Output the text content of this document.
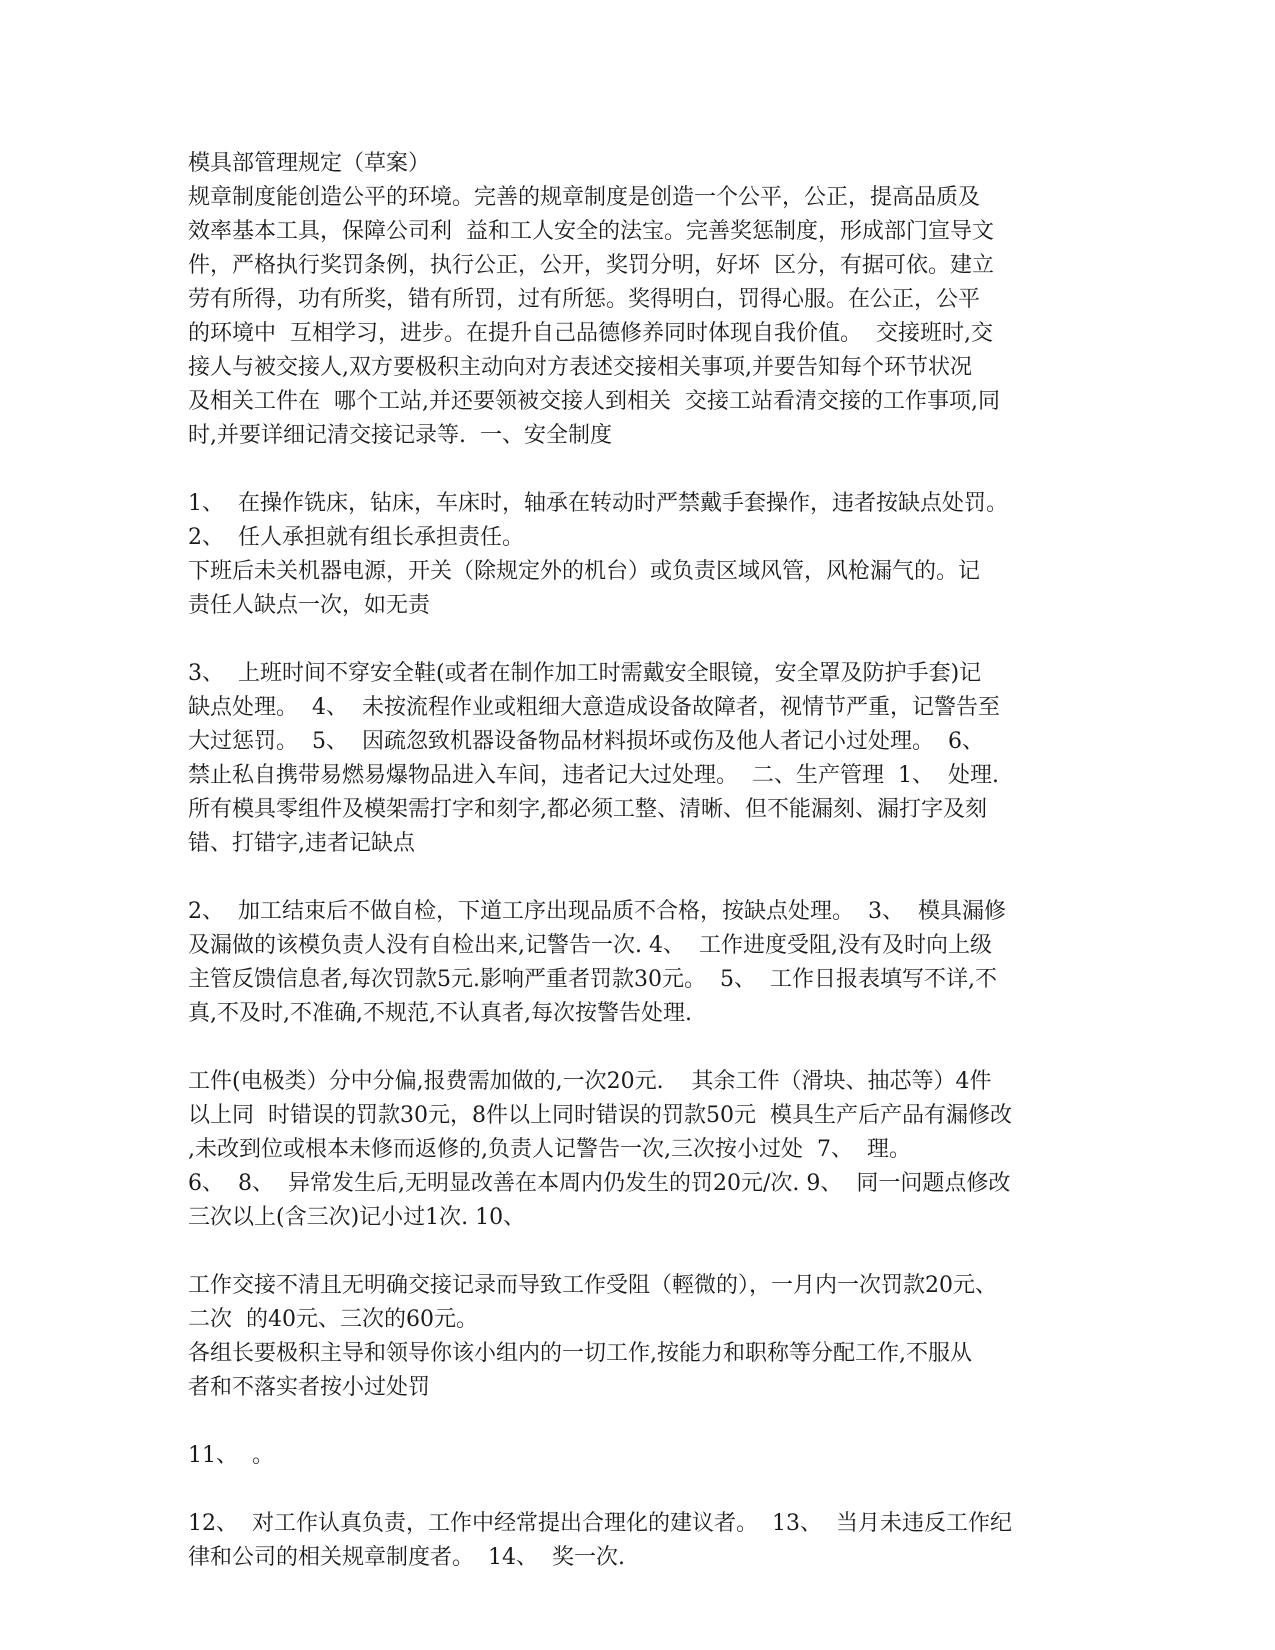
模具部管理规定（草案）
规章制度能创造公平的环境。完善的规章制度是创造一个公平，公正，提高品质及
效率基本工具，保障公司利  益和工人安全的法宝。完善奖惩制度，形成部门宣导文
件，严格执行奖罚条例，执行公正，公开，奖罚分明，好坏  区分，有据可依。建立
劳有所得，功有所奖，错有所罚，过有所惩。奖得明白，罚得心服。在公正，公平
的环境中  互相学习，进步。在提升自己品德修养同时体现自我价值。  交接班时,交
接人与被交接人,双方要极积主动向对方表述交接相关事项,并要告知每个环节状况
及相关工件在  哪个工站,并还要领被交接人到相关  交接工站看清交接的工作事项,同
时,并要详细记清交接记录等.  一、安全制度
1、  在操作铣床，钻床，车床时，轴承在转动时严禁戴手套操作，违者按缺点处罚。
2、  任人承担就有组长承担责任。
下班后未关机器电源，开关（除规定外的机台）或负责区域风管，风枪漏气的。记
责任人缺点一次，如无责
3、  上班时间不穿安全鞋(或者在制作加工时需戴安全眼镜，安全罩及防护手套)记
缺点处理。  4、  未按流程作业或粗细大意造成设备故障者，视情节严重，记警告至
大过惩罚。  5、  因疏忽致机器设备物品材料损坏或伤及他人者记小过处理。  6、
禁止私自携带易燃易爆物品进入车间，违者记大过处理。  二、生产管理  1、  处理.
所有模具零组件及模架需打字和刻字,都必须工整、清晰、但不能漏刻、漏打字及刻
错、打错字,违者记缺点
2、  加工结束后不做自检，下道工序出现品质不合格，按缺点处理。  3、  模具漏修
及漏做的该模负责人没有自检出来,记警告一次. 4、  工作进度受阻,没有及时向上级
主管反馈信息者,每次罚款5元.影响严重者罚款30元。  5、  工作日报表填写不详,不
真,不及时,不准确,不规范,不认真者,每次按警告处理.
工件(电极类）分中分偏,报费需加做的,一次20元.    其余工件（滑块、抽芯等）4件
以上同  时错误的罚款30元，8件以上同时错误的罚款50元  模具生产后产品有漏修改
,未改到位或根本未修而返修的,负责人记警告一次,三次按小过处  7、  理。
6、  8、  异常发生后,无明显改善在本周内仍发生的罚20元/次. 9、  同一问题点修改
三次以上(含三次)记小过1次. 10、
工作交接不清且无明确交接记录而导致工作受阻（輕微的），一月内一次罚款20元、
二次  的40元、三次的60元。
各组长要极积主导和领导你该小组内的一切工作,按能力和职称等分配工作,不服从
者和不落实者按小过处罚
11、  。
12、  对工作认真负责，工作中经常提出合理化的建议者。  13、  当月未违反工作纪
律和公司的相关规章制度者。  14、  奖一次.
